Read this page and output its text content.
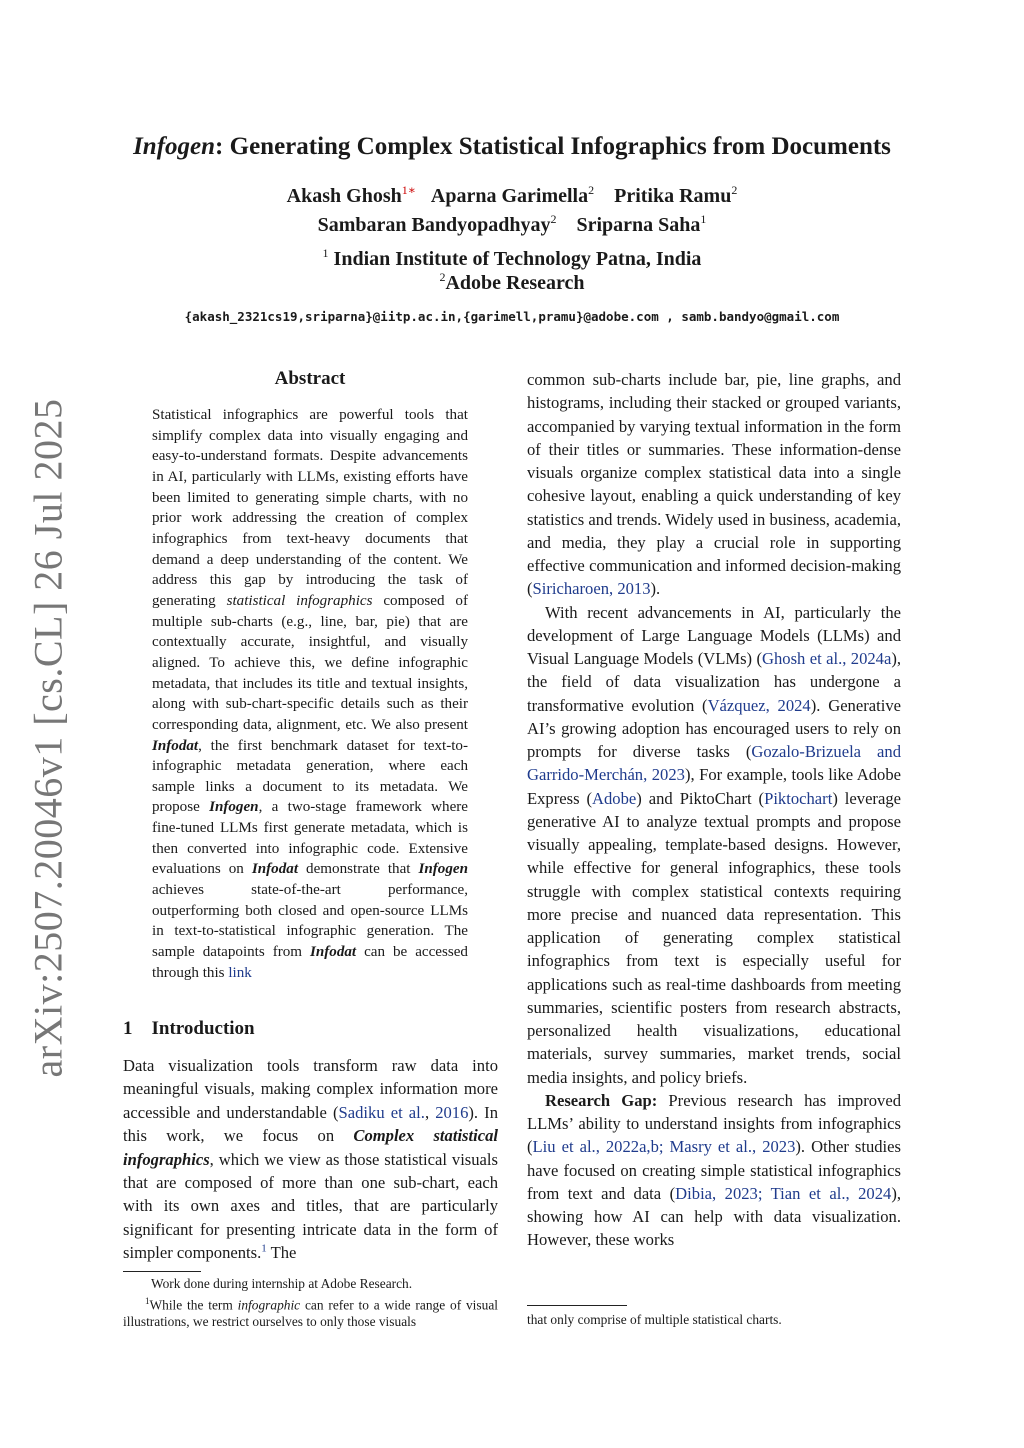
Infogen: Generating Complex Statistical Infographics from Documents
Akash Ghosh$^{1∗}$ Aparna Garimella$^2$ Pritika Ramu$^2$
Sambaran Bandyopadhyay$^2$ Sriparna Saha$^1$
$^1$ Indian Institute of Technology Patna, India
$^2$Adobe Research
{akash_2321cs19,sriparna}@iitp.ac.in,{garimell,pramu}@adobe.com , samb.bandyo@gmail.com
arXiv:2507.20046v1 [cs.CL] 26 Jul 2025
Abstract
Statistical infographics are powerful tools that simplify complex data into visually engaging and easy-to-understand formats. Despite advancements in AI, particularly with LLMs, existing efforts have been limited to generating simple charts, with no prior work addressing the creation of complex infographics from text-heavy documents that demand a deep understanding of the content. We address this gap by introducing the task of generating statistical infographics composed of multiple sub-charts (e.g., line, bar, pie) that are contextually accurate, insightful, and visually aligned. To achieve this, we define infographic metadata, that includes its title and textual insights, along with sub-chart-specific details such as their corresponding data, alignment, etc. We also present Infodat, the first benchmark dataset for text-to-infographic metadata generation, where each sample links a document to its metadata. We propose Infogen, a two-stage framework where fine-tuned LLMs first generate metadata, which is then converted into infographic code. Extensive evaluations on Infodat demonstrate that Infogen achieves state-of-the-art performance, outperforming both closed and open-source LLMs in text-to-statistical infographic generation. The sample datapoints from Infodat can be accessed through this link
1    Introduction
Data visualization tools transform raw data into meaningful visuals, making complex information more accessible and understandable (Sadiku et al., 2016). In this work, we focus on Complex statistical infographics, which we view as those statistical visuals that are composed of more than one sub-chart, each with its own axes and titles, that are particularly significant for presenting intricate data in the form of simpler components.$^1$ The
Work done during internship at Adobe Research.
$^1$While the term infographic can refer to a wide range of visual illustrations, we restrict ourselves to only those visuals

common sub-charts include bar, pie, line graphs, and histograms, including their stacked or grouped variants, accompanied by varying textual information in the form of their titles or summaries. These information-dense visuals organize complex statistical data into a single cohesive layout, enabling a quick understanding of key statistics and trends. Widely used in business, academia, and media, they play a crucial role in supporting effective communication and informed decision-making (Siricharoen, 2013).

With recent advancements in AI, particularly the development of Large Language Models (LLMs) and Visual Language Models (VLMs) (Ghosh et al., 2024a), the field of data visualization has undergone a transformative evolution (Vázquez, 2024). Generative AI’s growing adoption has encouraged users to rely on prompts for diverse tasks (Gozalo-Brizuela and Garrido-Merchán, 2023), For example, tools like Adobe Express (Adobe) and PiktoChart (Piktochart) leverage generative AI to analyze textual prompts and propose visually appealing, template-based designs. However, while effective for general infographics, these tools struggle with complex statistical contexts requiring more precise and nuanced data representation. This application of generating complex statistical infographics from text is especially useful for applications such as real-time dashboards from meeting summaries, scientific posters from research abstracts, personalized health visualizations, educational materials, survey summaries, market trends, social media insights, and policy briefs.

Research Gap: Previous research has improved LLMs’ ability to understand insights from infographics (Liu et al., 2022a,b; Masry et al., 2023). Other studies have focused on creating simple statistical infographics from text and data (Dibia, 2023; Tian et al., 2024), showing how AI can help with data visualization. However, these works

that only comprise of multiple statistical charts.
